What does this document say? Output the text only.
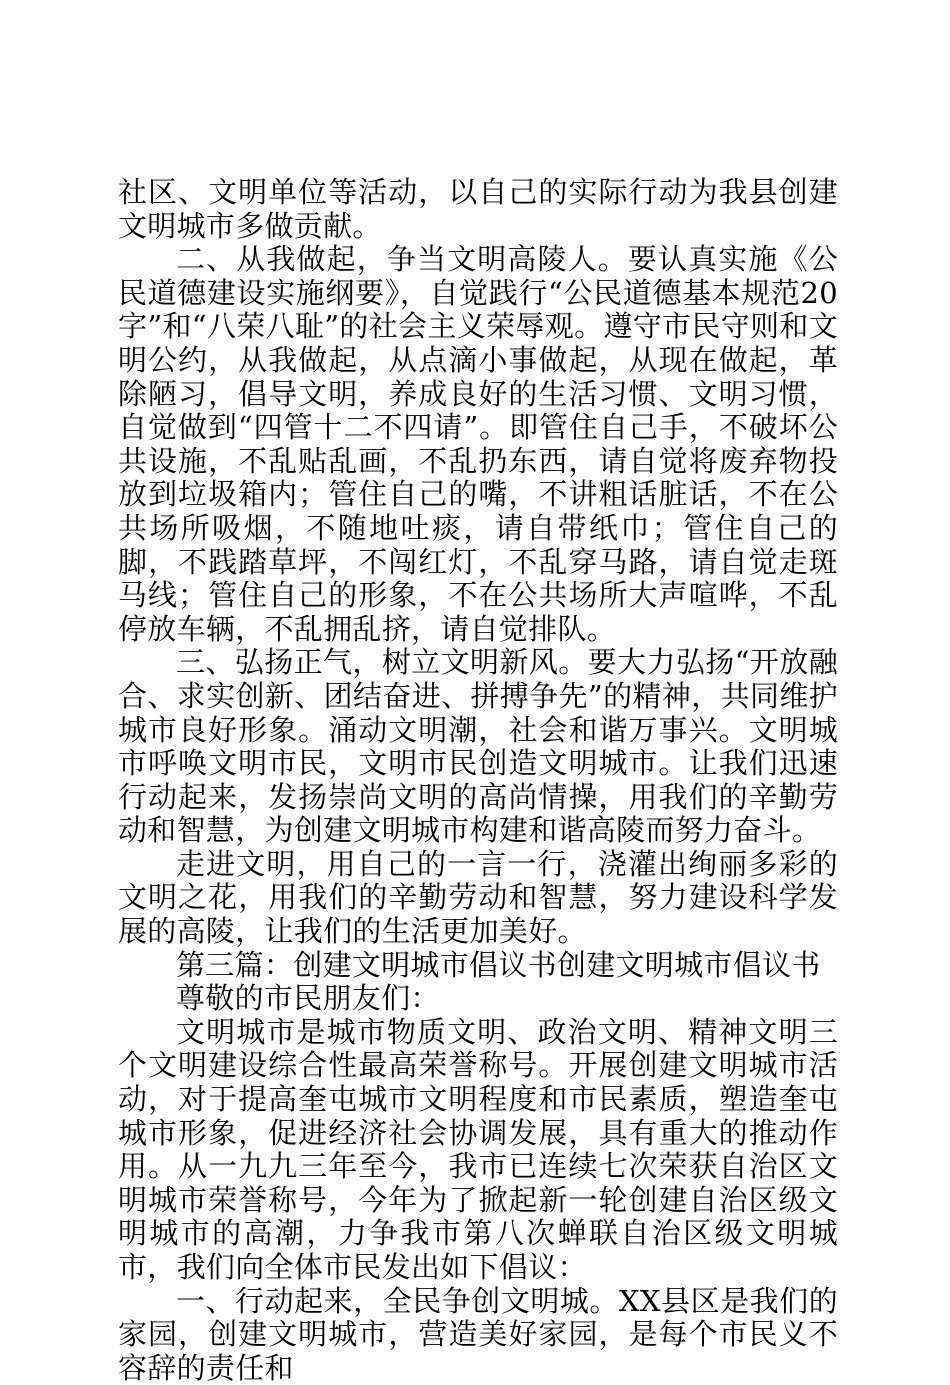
社区、文明单位等活动，以自己的实际行动为我县创建文明城市多做贡献。

二、从我做起，争当文明高陵人。要认真实施《公民道德建设实施纲要》，自觉践行“公民道德基本规范20字”和“八荣八耻”的社会主义荣辱观。遵守市民守则和文明公约，从我做起，从点滴小事做起，从现在做起，革除陋习，倡导文明，养成良好的生活习惯、文明习惯，自觉做到“四管十二不四请”。即管住自己手，不破坏公共设施，不乱贴乱画，不乱扔东西，请自觉将废弃物投放到垃圾箱内；管住自己的嘴，不讲粗话脏话，不在公共场所吸烟，不随地吐痰，请自带纸巾；管住自己的脚，不践踏草坪，不闯红灯，不乱穿马路，请自觉走斑马线；管住自己的形象，不在公共场所大声喧哗，不乱停放车辆，不乱拥乱挤，请自觉排队。

三、弘扬正气，树立文明新风。要大力弘扬“开放融合、求实创新、团结奋进、拼搏争先”的精神，共同维护城市良好形象。涌动文明潮，社会和谐万事兴。文明城市呼唤文明市民，文明市民创造文明城市。让我们迅速行动起来，发扬崇尚文明的高尚情操，用我们的辛勤劳动和智慧，为创建文明城市构建和谐高陵而努力奋斗。

走进文明，用自己的一言一行，浇灌出绚丽多彩的文明之花，用我们的辛勤劳动和智慧，努力建设科学发展的高陵，让我们的生活更加美好。

第三篇：创建文明城市倡议书创建文明城市倡议书

尊敬的市民朋友们：

文明城市是城市物质文明、政治文明、精神文明三个文明建设综合性最高荣誉称号。开展创建文明城市活动，对于提高奎屯城市文明程度和市民素质，塑造奎屯城市形象，促进经济社会协调发展，具有重大的推动作用。从一九九三年至今，我市已连续七次荣获自治区文明城市荣誉称号，今年为了掀起新一轮创建自治区级文明城市的高潮，力争我市第八次蝉联自治区级文明城市，我们向全体市民发出如下倡议：

一、行动起来，全民争创文明城。XX县区是我们的家园，创建文明城市，营造美好家园，是每个市民义不容辞的责任和
